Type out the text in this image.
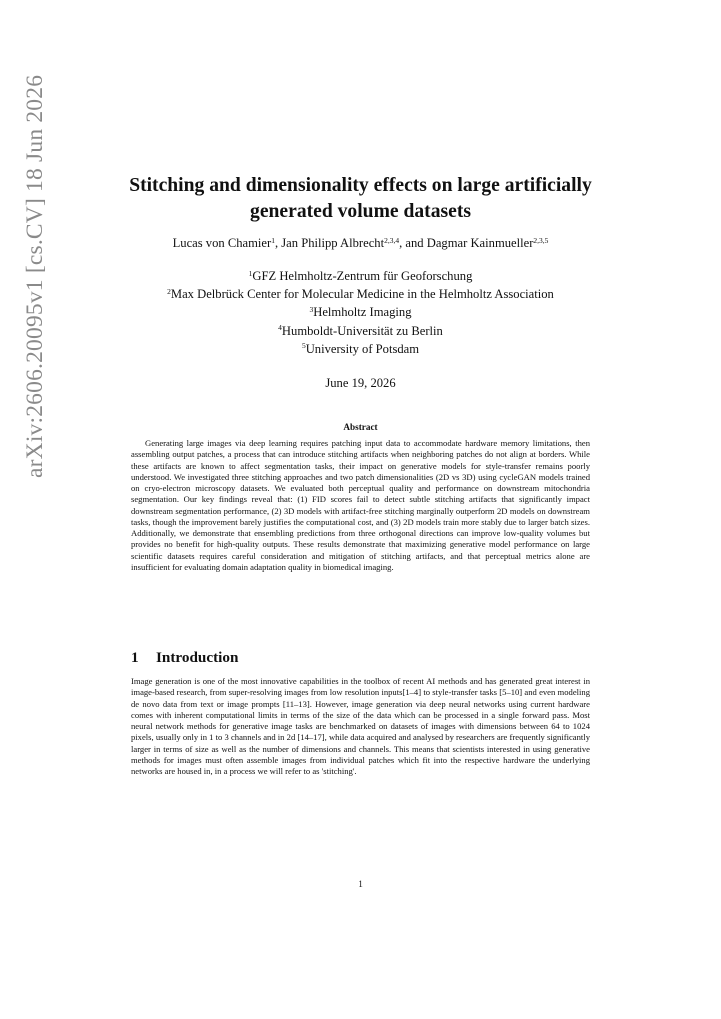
arXiv:2606.20095v1 [cs.CV] 18 Jun 2026	Stitching and dimensionality effects on large artificially
generated volume datasets
Lucas von Chamier$^1$, Jan Philipp Albrecht$^{2,3,4}$, and Dagmar Kainmueller$^{2,3,5}$
$^1$GFZ Helmholtz-Zentrum für Geoforschung
$^2$Max Delbrück Center for Molecular Medicine in the Helmholtz Association
$^3$Helmholtz Imaging
$^4$Humboldt-Universität zu Berlin
$^5$University of Potsdam
June 19, 2026
Abstract

Generating large images via deep learning requires patching input data to accommodate hardware memory limitations, then assembling output patches, a process that can introduce stitching artifacts when neighboring patches do not align at borders. While these artifacts are known to affect segmentation tasks, their impact on generative models for style-transfer remains poorly understood. We investigated three stitching approaches and two patch dimensionalities (2D vs 3D) using cycleGAN models trained on cryo-electron microscopy datasets. We evaluated both perceptual quality and performance on downstream mitochondria segmentation. Our key findings reveal that: (1) FID scores fail to detect subtle stitching artifacts that significantly impact downstream segmentation performance, (2) 3D models with artifact-free stitching marginally outperform 2D models on downstream tasks, though the improvement barely justifies the computational cost, and (3) 2D models train more stably due to larger batch sizes. Additionally, we demonstrate that ensembling predictions from three orthogonal directions can improve low-quality volumes but provides no benefit for high-quality outputs. These results demonstrate that maximizing generative model performance on large scientific datasets requires careful consideration and mitigation of stitching artifacts, and that perceptual metrics alone are insufficient for evaluating domain adaptation quality in biomedical imaging.

1 Introduction

Image generation is one of the most innovative capabilities in the toolbox of recent AI methods and has generated great interest in image-based research, from super-resolving images from low resolution inputs[1–4] to style-transfer tasks [5–10] and even modeling de novo data from text or image prompts [11–13]. However, image generation via deep neural networks using current hardware comes with inherent computational limits in terms of the size of the data which can be processed in a single forward pass. Most neural network methods for generative image tasks are benchmarked on datasets of images with dimensions between 64 to 1024 pixels, usually only in 1 to 3 channels and in 2d [14–17], while data acquired and analysed by researchers are frequently significantly larger in terms of size as well as the number of dimensions and channels. This means that scientists interested in using generative methods for images must often assemble images from individual patches which fit into the respective hardware the underlying networks are housed in, in a process we will refer to as 'stitching'.

1
